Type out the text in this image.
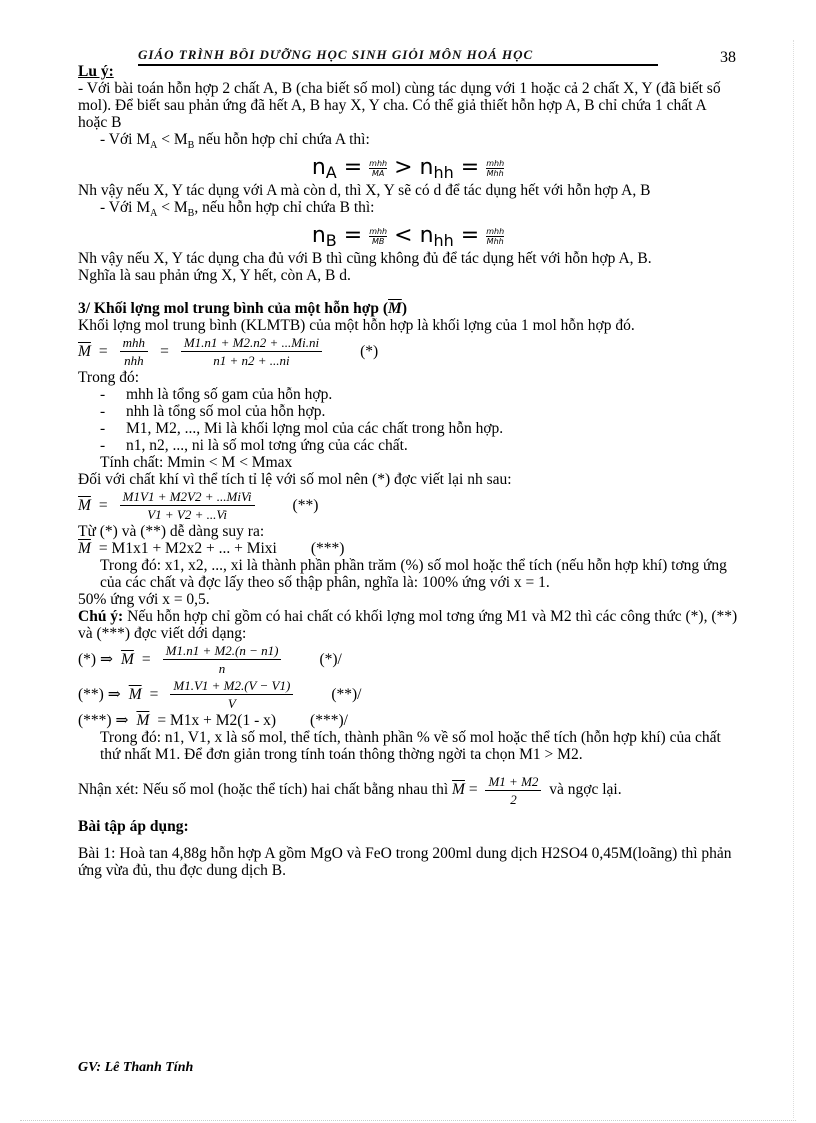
GIÁO TRÌNH BỒI DƯỠNG HỌC SINH GIỎI MÔN HOÁ HỌC	38
Lu ý:

- Với bài toán hỗn hợp 2 chất A, B (cha biết số mol) cùng tác dụng với 1 hoặc cả 2 chất X, Y (đã biết số mol). Để biết sau phản ứng đã hết A, B hay X, Y cha. Có thể giả thiết hỗn hợp A, B chỉ chứa 1 chất A hoặc B

- Với $M_A < M_B$ nếu hỗn hợp chỉ chứa A thì:

nA = mhh
MA > nhh = mhh
Mhh

Nh vậy nếu X, Y tác dụng với A mà còn d, thì X, Y sẽ có d để tác dụng hết với hỗn hợp A, B

- Với $M_A < M_B$, nếu hỗn hợp chỉ chứa B thì:

nB = mhh
MB < nhh = mhh
Mhh

Nh vậy nếu X, Y tác dụng cha đủ với B thì cũng không đủ để tác dụng hết với hỗn hợp A, B.

Nghĩa là sau phản ứng X, Y hết, còn A, B d.

3/ Khối lợng mol trung bình của một hỗn hợp $(\overline{M})$

Khối lợng mol trung bình (KLMTB) của một hỗn hợp là khối lợng của 1 mol hỗn hợp đó.

$\overline{M} = \frac{\text{mhh}}{\text{nhh}} = \frac{M1.n1 + M2.n2 + ...Mi.ni}{n1 + n2 + ...ni}$ (*)

Trong đó:

- mhh là tổng số gam của hỗn hợp.
- nhh là tổng số mol của hỗn hợp.
- M1, M2, ..., Mi là khối lợng mol của các chất trong hỗn hợp.
- n1, n2, ..., ni là số mol tơng ứng của các chất.

Tính chất: Mmin < M < Mmax

Đối với chất khí vì thể tích tỉ lệ với số mol nên (*) đợc viết lại nh sau:

$\overline{M} = \frac{\text{M1V1 + M2V2 + ...MiVi}}{V1 + V2 + ...Vi}$ (**)

Từ (*) và (**) dễ dàng suy ra:

$\overline{M} = M1x1 + M2x2$ + ... + Mixi (***)

Trong đó: x1, x2, ..., xi là thành phần phần trăm (%) số mol hoặc thể tích (nếu hỗn hợp khí) tơng ứng của các chất và đợc lấy theo số thập phân, nghĩa là: 100% ứng với x = 1.

50% ứng với x = 0,5.

Chú ý: Nếu hỗn hợp chỉ gồm có hai chất có khối lợng mol tơng ứng M1 và M2 thì các công thức (*), (**) và (***) đợc viết dới dạng:

(*) ⇒ $\overline{M} = \frac{M1.n1 + M2.(n - n1)}{n}$ (*)/
(**) ⇒ $\overline{M} = \frac{M1.V1 + M2.(V - V1)}{V}$ (**)/
(***) ⇒ $\overline{M} = M1x + M2(1 - x)$ (***)/

Trong đó: n1, V1, x là số mol, thể tích, thành phần % về số mol hoặc thể tích (hỗn hợp khí) của chất thứ nhất M1. Để đơn giản trong tính toán thông thờng ngời ta chọn M1 > M2.

Nhận xét: Nếu số mol (hoặc thể tích) hai chất bằng nhau thì $\overline{M} = \frac{M1 + M2}{2}$ và ngợc lại.
Bài tập áp dụng:

Bài 1: Hoà tan 4,88g hỗn hợp A gồm MgO và FeO trong 200ml dung dịch H2SO4 0,45M(loãng) thì phản ứng vừa đủ, thu đợc dung dịch B.

GV: Lê Thanh Tính
